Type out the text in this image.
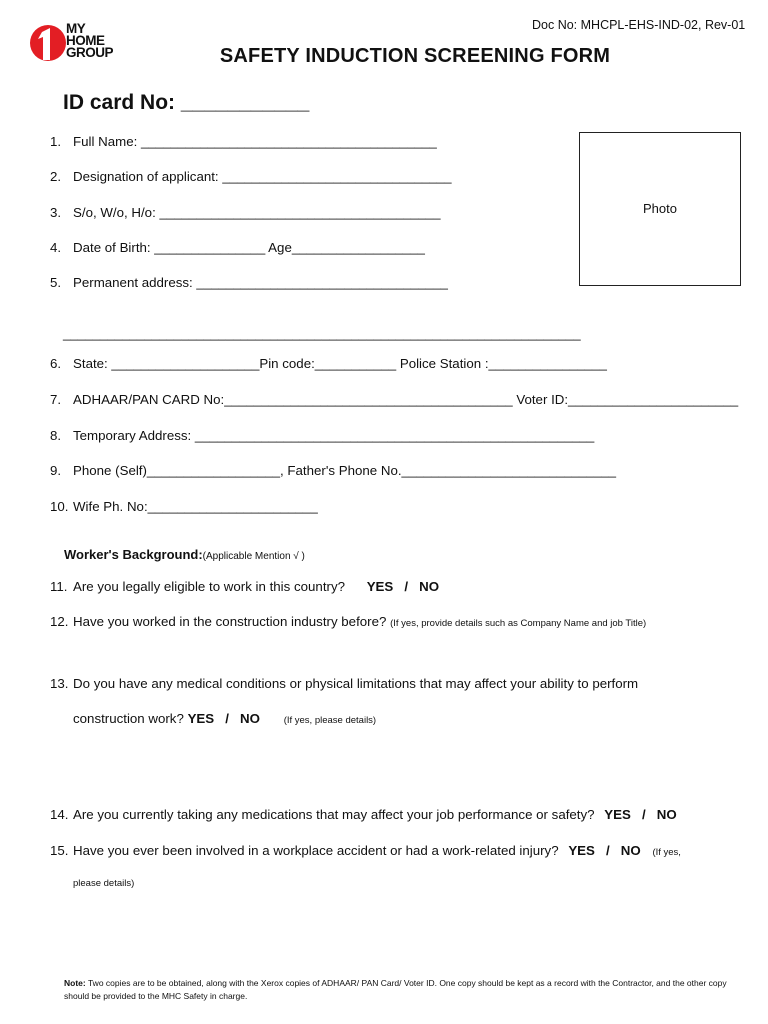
Doc No: MHCPL-EHS-IND-02, Rev-01
MY
HOME
GROUP	SAFETY INDUCTION SCREENING FORM
ID card No: ___________
Photo
1. Full Name: ________________________________________
2. Designation of applicant: _______________________________
3. S/o, W/o, H/o: ______________________________________
4. Date of Birth: _______________ Age__________________
5. Permanent address: __________________________________
______________________________________________________________________
6. State: ____________________Pin code:___________ Police Station :________________
7. ADHAAR/PAN CARD No:_______________________________________ Voter ID:_______________________
8. Temporary Address: ______________________________________________________
9. Phone (Self)__________________, Father's Phone No._____________________________
10. Wife Ph. No:_______________________
Worker's Background:(Applicable Mention √ )
11. Are you legally eligible to work in this country? YES   /   NO
12. Have you worked in the construction industry before? (If yes, provide details such as Company Name and job Title)
13. Do you have any medical conditions or physical limitations that may affect your ability to perform
construction work? YES   /   NO (If yes, please details)
14. Are you currently taking any medications that may affect your job performance or safety? YES   /   NO
15. Have you ever been involved in a workplace accident or had a work-related injury? YES   /   NO (If yes,
please details)
Note: Two copies are to be obtained, along with the Xerox copies of ADHAAR/ PAN Card/ Voter ID. One copy should be kept as a record with the Contractor, and the other copy should be provided to the MHC Safety in charge.
